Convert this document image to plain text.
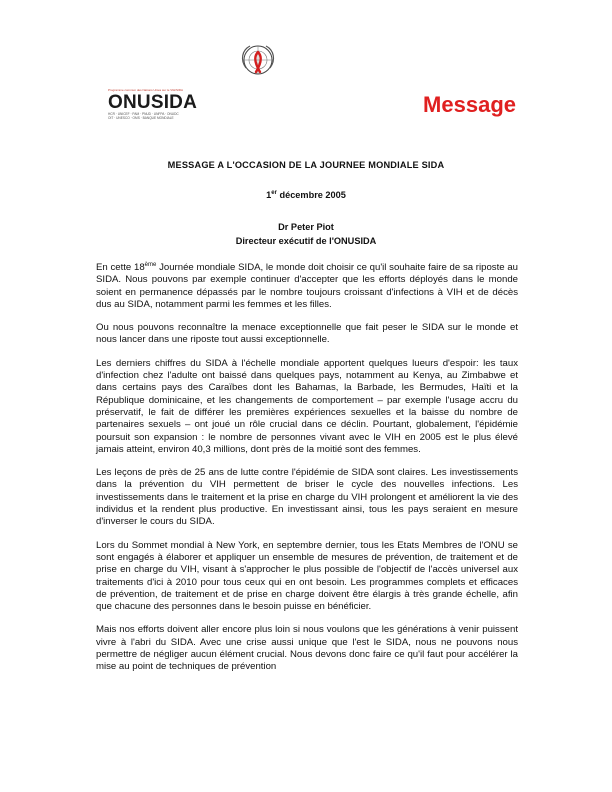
Programme commun des Nations Unies sur le VIH/SIDA
ONUSIDA
HCR · UNICEF · PAM · PNUD · UNFPA · ONUDC
OIT · UNESCO · OMS · BANQUE MONDIALE
Message
MESSAGE A L'OCCASION DE LA JOURNEE MONDIALE SIDA
1er décembre 2005
Dr Peter Piot
Directeur exécutif de l'ONUSIDA

En cette 18ème Journée mondiale SIDA, le monde doit choisir ce qu'il souhaite faire de sa riposte au SIDA. Nous pouvons par exemple continuer d'accepter que les efforts déployés dans le monde soient en permanence dépassés par le nombre toujours croissant d'infections à VIH et de décès dus au SIDA, notamment parmi les femmes et les filles.

Ou nous pouvons reconnaître la menace exceptionnelle que fait peser le SIDA sur le monde et nous lancer dans une riposte tout aussi exceptionnelle.

Les derniers chiffres du SIDA à l'échelle mondiale apportent quelques lueurs d'espoir: les taux d'infection chez l'adulte ont baissé dans quelques pays, notamment au Kenya, au Zimbabwe et dans certains pays des Caraïbes dont les Bahamas, la Barbade, les Bermudes, Haïti et la République dominicaine, et les changements de comportement – par exemple l'usage accru du préservatif, le fait de différer les premières expériences sexuelles et la baisse du nombre de partenaires sexuels – ont joué un rôle crucial dans ce déclin. Pourtant, globalement, l'épidémie poursuit son expansion : le nombre de personnes vivant avec le VIH en 2005 est le plus élevé jamais atteint, environ 40,3 millions, dont près de la moitié sont des femmes.

Les leçons de près de 25 ans de lutte contre l'épidémie de SIDA sont claires. Les investissements dans la prévention du VIH permettent de briser le cycle des nouvelles infections. Les investissements dans le traitement et la prise en charge du VIH prolongent et améliorent la vie des individus et la rendent plus productive. En investissant ainsi, tous les pays seraient en mesure d'inverser le cours du SIDA.

Lors du Sommet mondial à New York, en septembre dernier, tous les Etats Membres de l'ONU se sont engagés à élaborer et appliquer un ensemble de mesures de prévention, de traitement et de prise en charge du VIH, visant à s'approcher le plus possible de l'objectif de l'accès universel aux traitements d'ici à 2010 pour tous ceux qui en ont besoin. Les programmes complets et efficaces de prévention, de traitement et de prise en charge doivent être élargis à très grande échelle, afin que chacune des personnes dans le besoin puisse en bénéficier.

Mais nos efforts doivent aller encore plus loin si nous voulons que les générations à venir puissent vivre à l'abri du SIDA. Avec une crise aussi unique que l'est le SIDA, nous ne pouvons nous permettre de négliger aucun élément crucial. Nous devons donc faire ce qu'il faut pour accélérer la mise au point de techniques de prévention
